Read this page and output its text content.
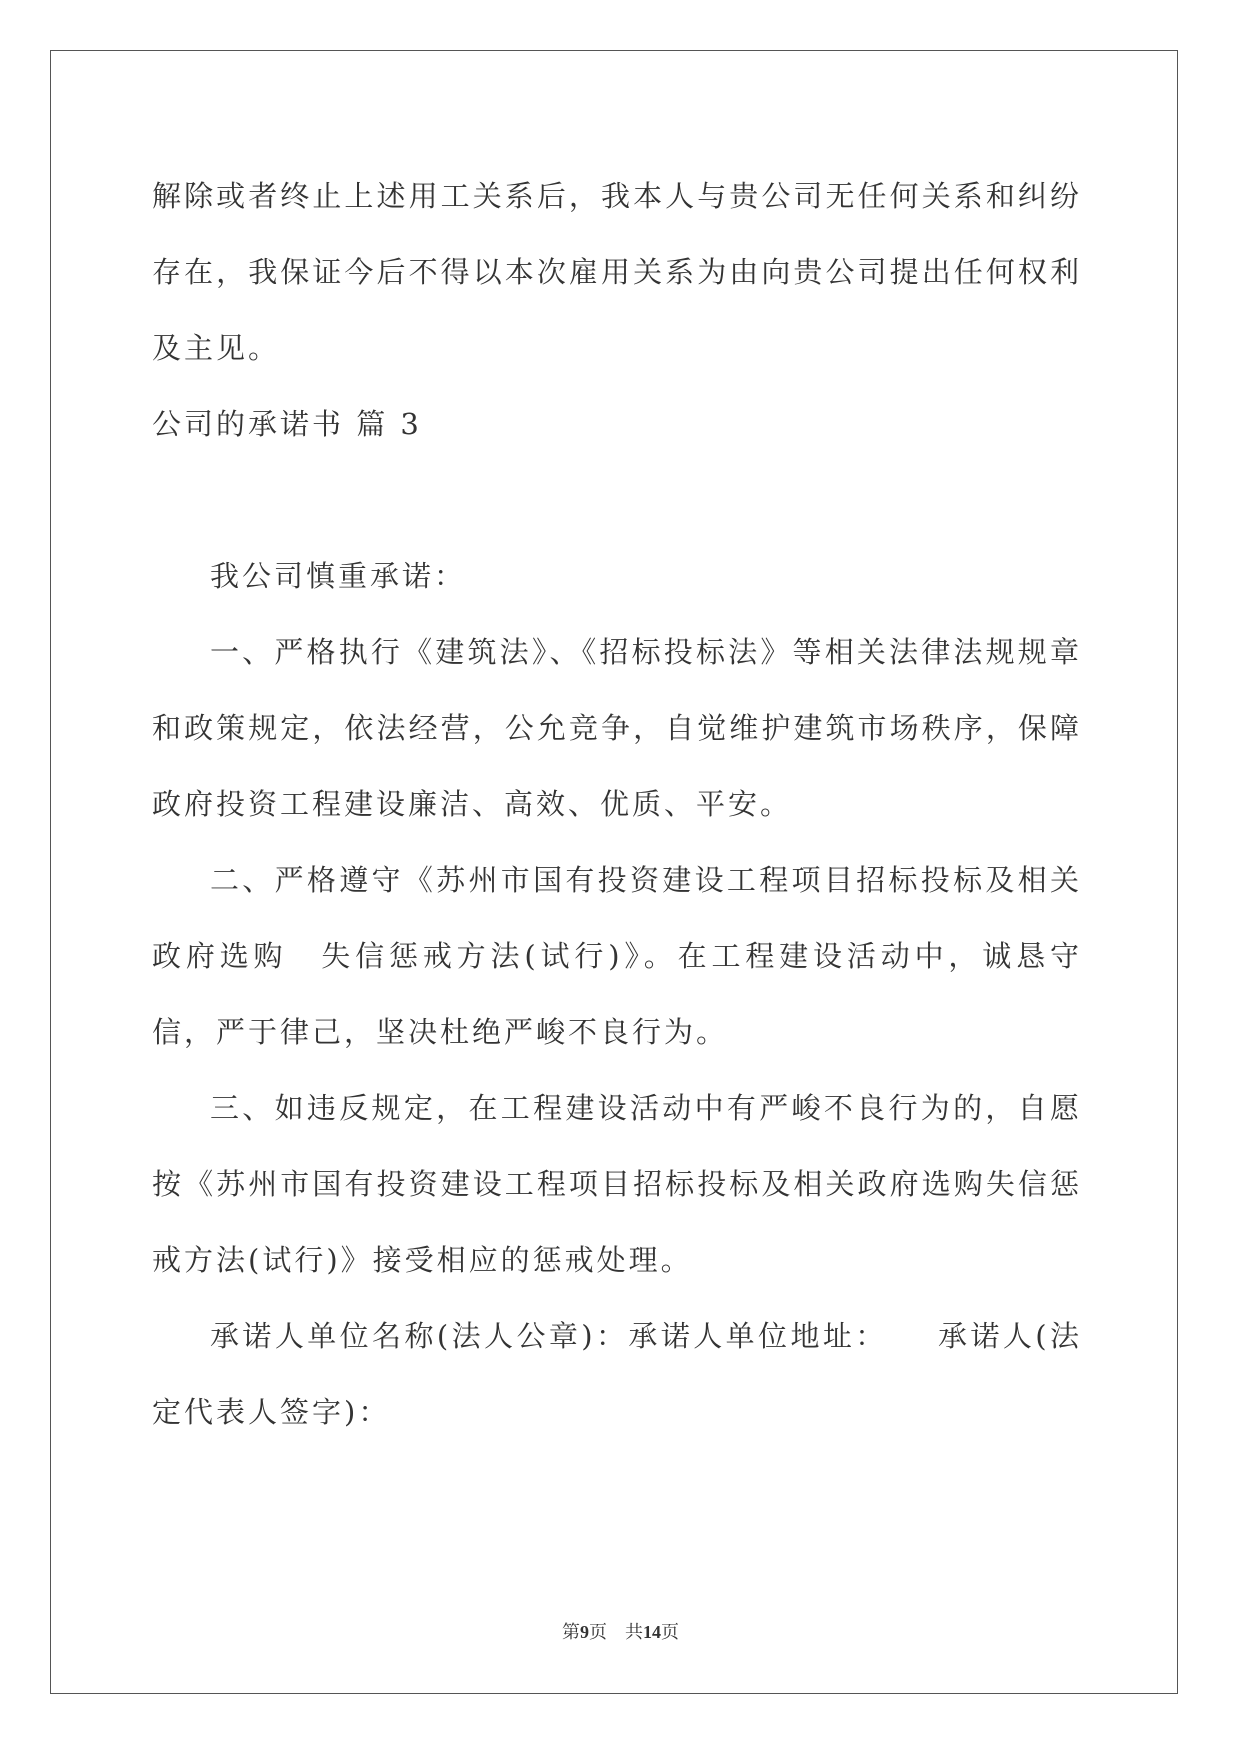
解除或者终止上述用工关系后，我本人与贵公司无任何关系和纠纷存在，我保证今后不得以本次雇用关系为由向贵公司提出任何权利及主见。

公司的承诺书 篇 3

我公司慎重承诺：

一、严格执行《建筑法》、《招标投标法》等相关法律法规规章和政策规定，依法经营，公允竞争，自觉维护建筑市场秩序，保障政府投资工程建设廉洁、高效、优质、平安。

二、严格遵守《苏州市国有投资建设工程项目招标投标及相关政府选购　失信惩戒方法(试行)》。在工程建设活动中，诚恳守信，严于律己，坚决杜绝严峻不良行为。

三、如违反规定，在工程建设活动中有严峻不良行为的，自愿按《苏州市国有投资建设工程项目招标投标及相关政府选购失信惩戒方法(试行)》接受相应的惩戒处理。

承诺人单位名称(法人公章)：承诺人单位地址：　　承诺人(法定代表人签字)：

第9页　共14页
